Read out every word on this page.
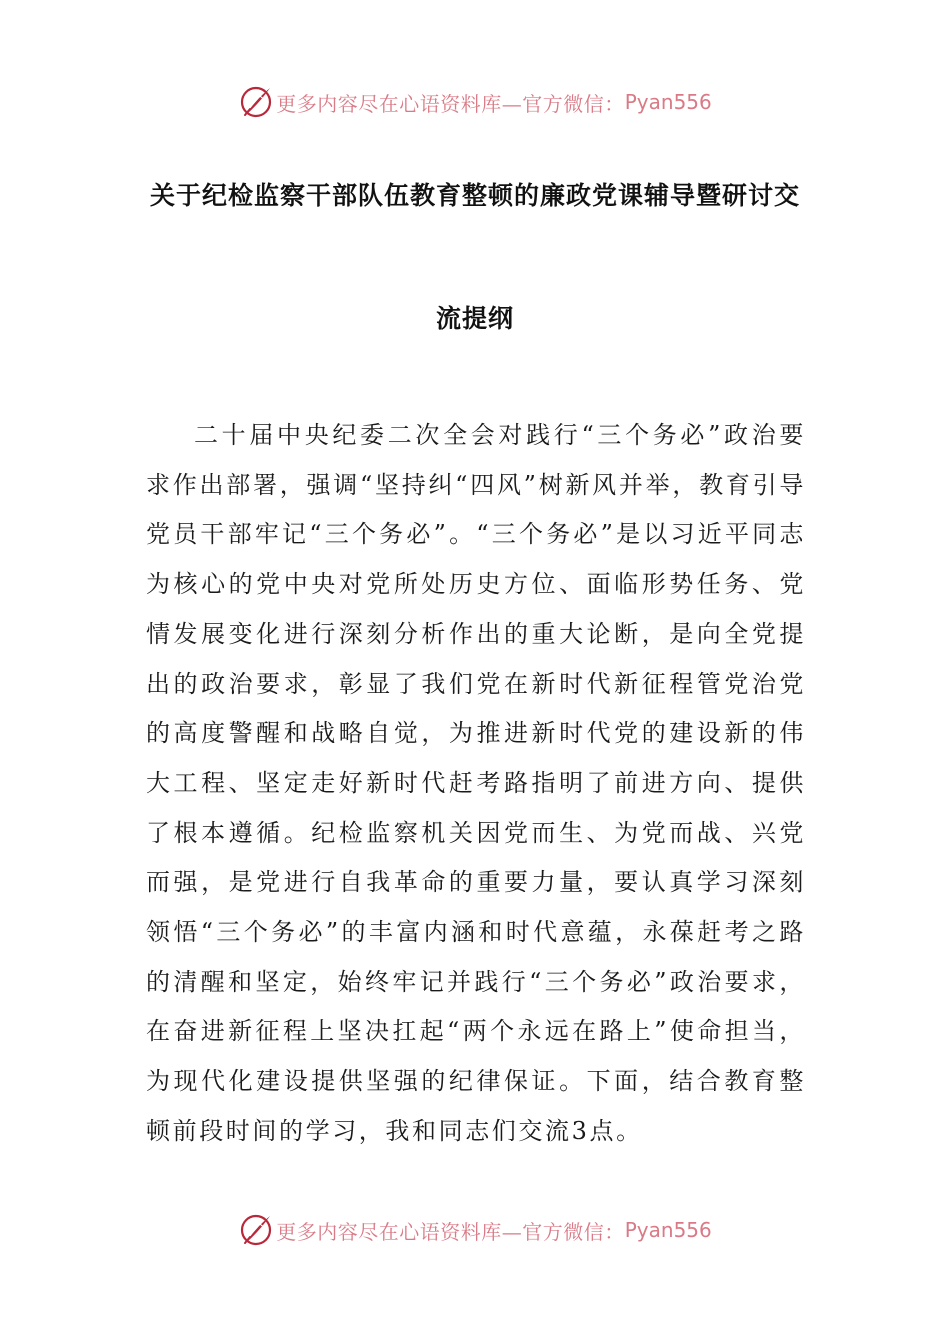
更多内容尽在心语资料库—官方微信： Pyan556
关于纪检监察干部队伍教育整顿的廉政党课辅导暨研讨交
流提纲

二十届中央纪委二次全会对践行“三个务必”政治要求作出部署，强调“坚持纠“四风”树新风并举，教育引导党员干部牢记“三个务必”。“三个务必”是以习近平同志为核心的党中央对党所处历史方位、面临形势任务、党情发展变化进行深刻分析作出的重大论断，是向全党提出的政治要求，彰显了我们党在新时代新征程管党治党的高度警醒和战略自觉，为推进新时代党的建设新的伟大工程、坚定走好新时代赶考路指明了前进方向、提供了根本遵循。纪检监察机关因党而生、为党而战、兴党而强，是党进行自我革命的重要力量，要认真学习深刻领悟“三个务必”的丰富内涵和时代意蕴，永葆赶考之路的清醒和坚定，始终牢记并践行“三个务必”政治要求，在奋进新征程上坚决扛起“两个永远在路上”使命担当，为现代化建设提供坚强的纪律保证。下面，结合教育整顿前段时间的学习，我和同志们交流3点。

更多内容尽在心语资料库—官方微信： Pyan556
